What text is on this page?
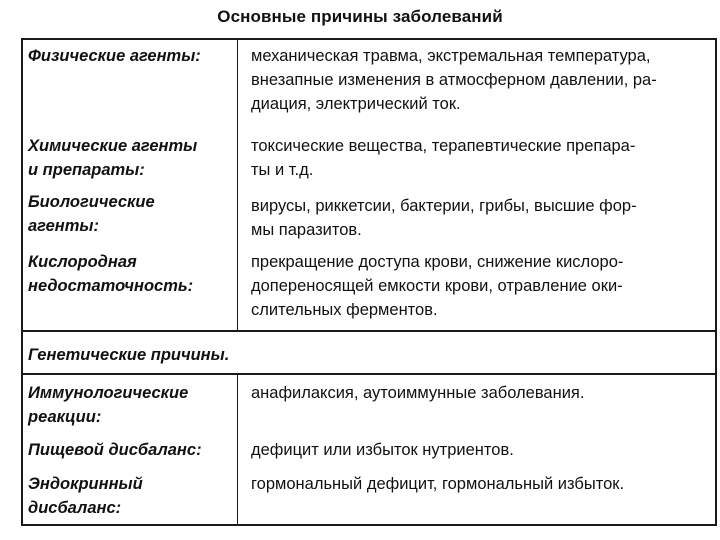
Основные причины заболеваний
Физические агенты:	механическая травма, экстремальная температура,
внезапные изменения в атмосферном давлении, ра-
диация, электрический ток.
Химические агенты
и препараты:
токсические вещества, терапевтические препара-
ты и т.д.
Биологические
агенты:
вирусы, риккетсии, бактерии, грибы, высшие фор-
мы паразитов.
Кислородная
недостаточность:
прекращение доступа крови, снижение кислоро-
допереносящей емкости крови, отравление оки-
слительных ферментов.
Генетические причины.
Иммунологические
реакции:
анафилаксия, аутоиммунные заболевания.
Пищевой дисбаланс:	дефицит или избыток нутриентов.
Эндокринный
дисбаланс:
гормональный дефицит, гормональный избыток.
